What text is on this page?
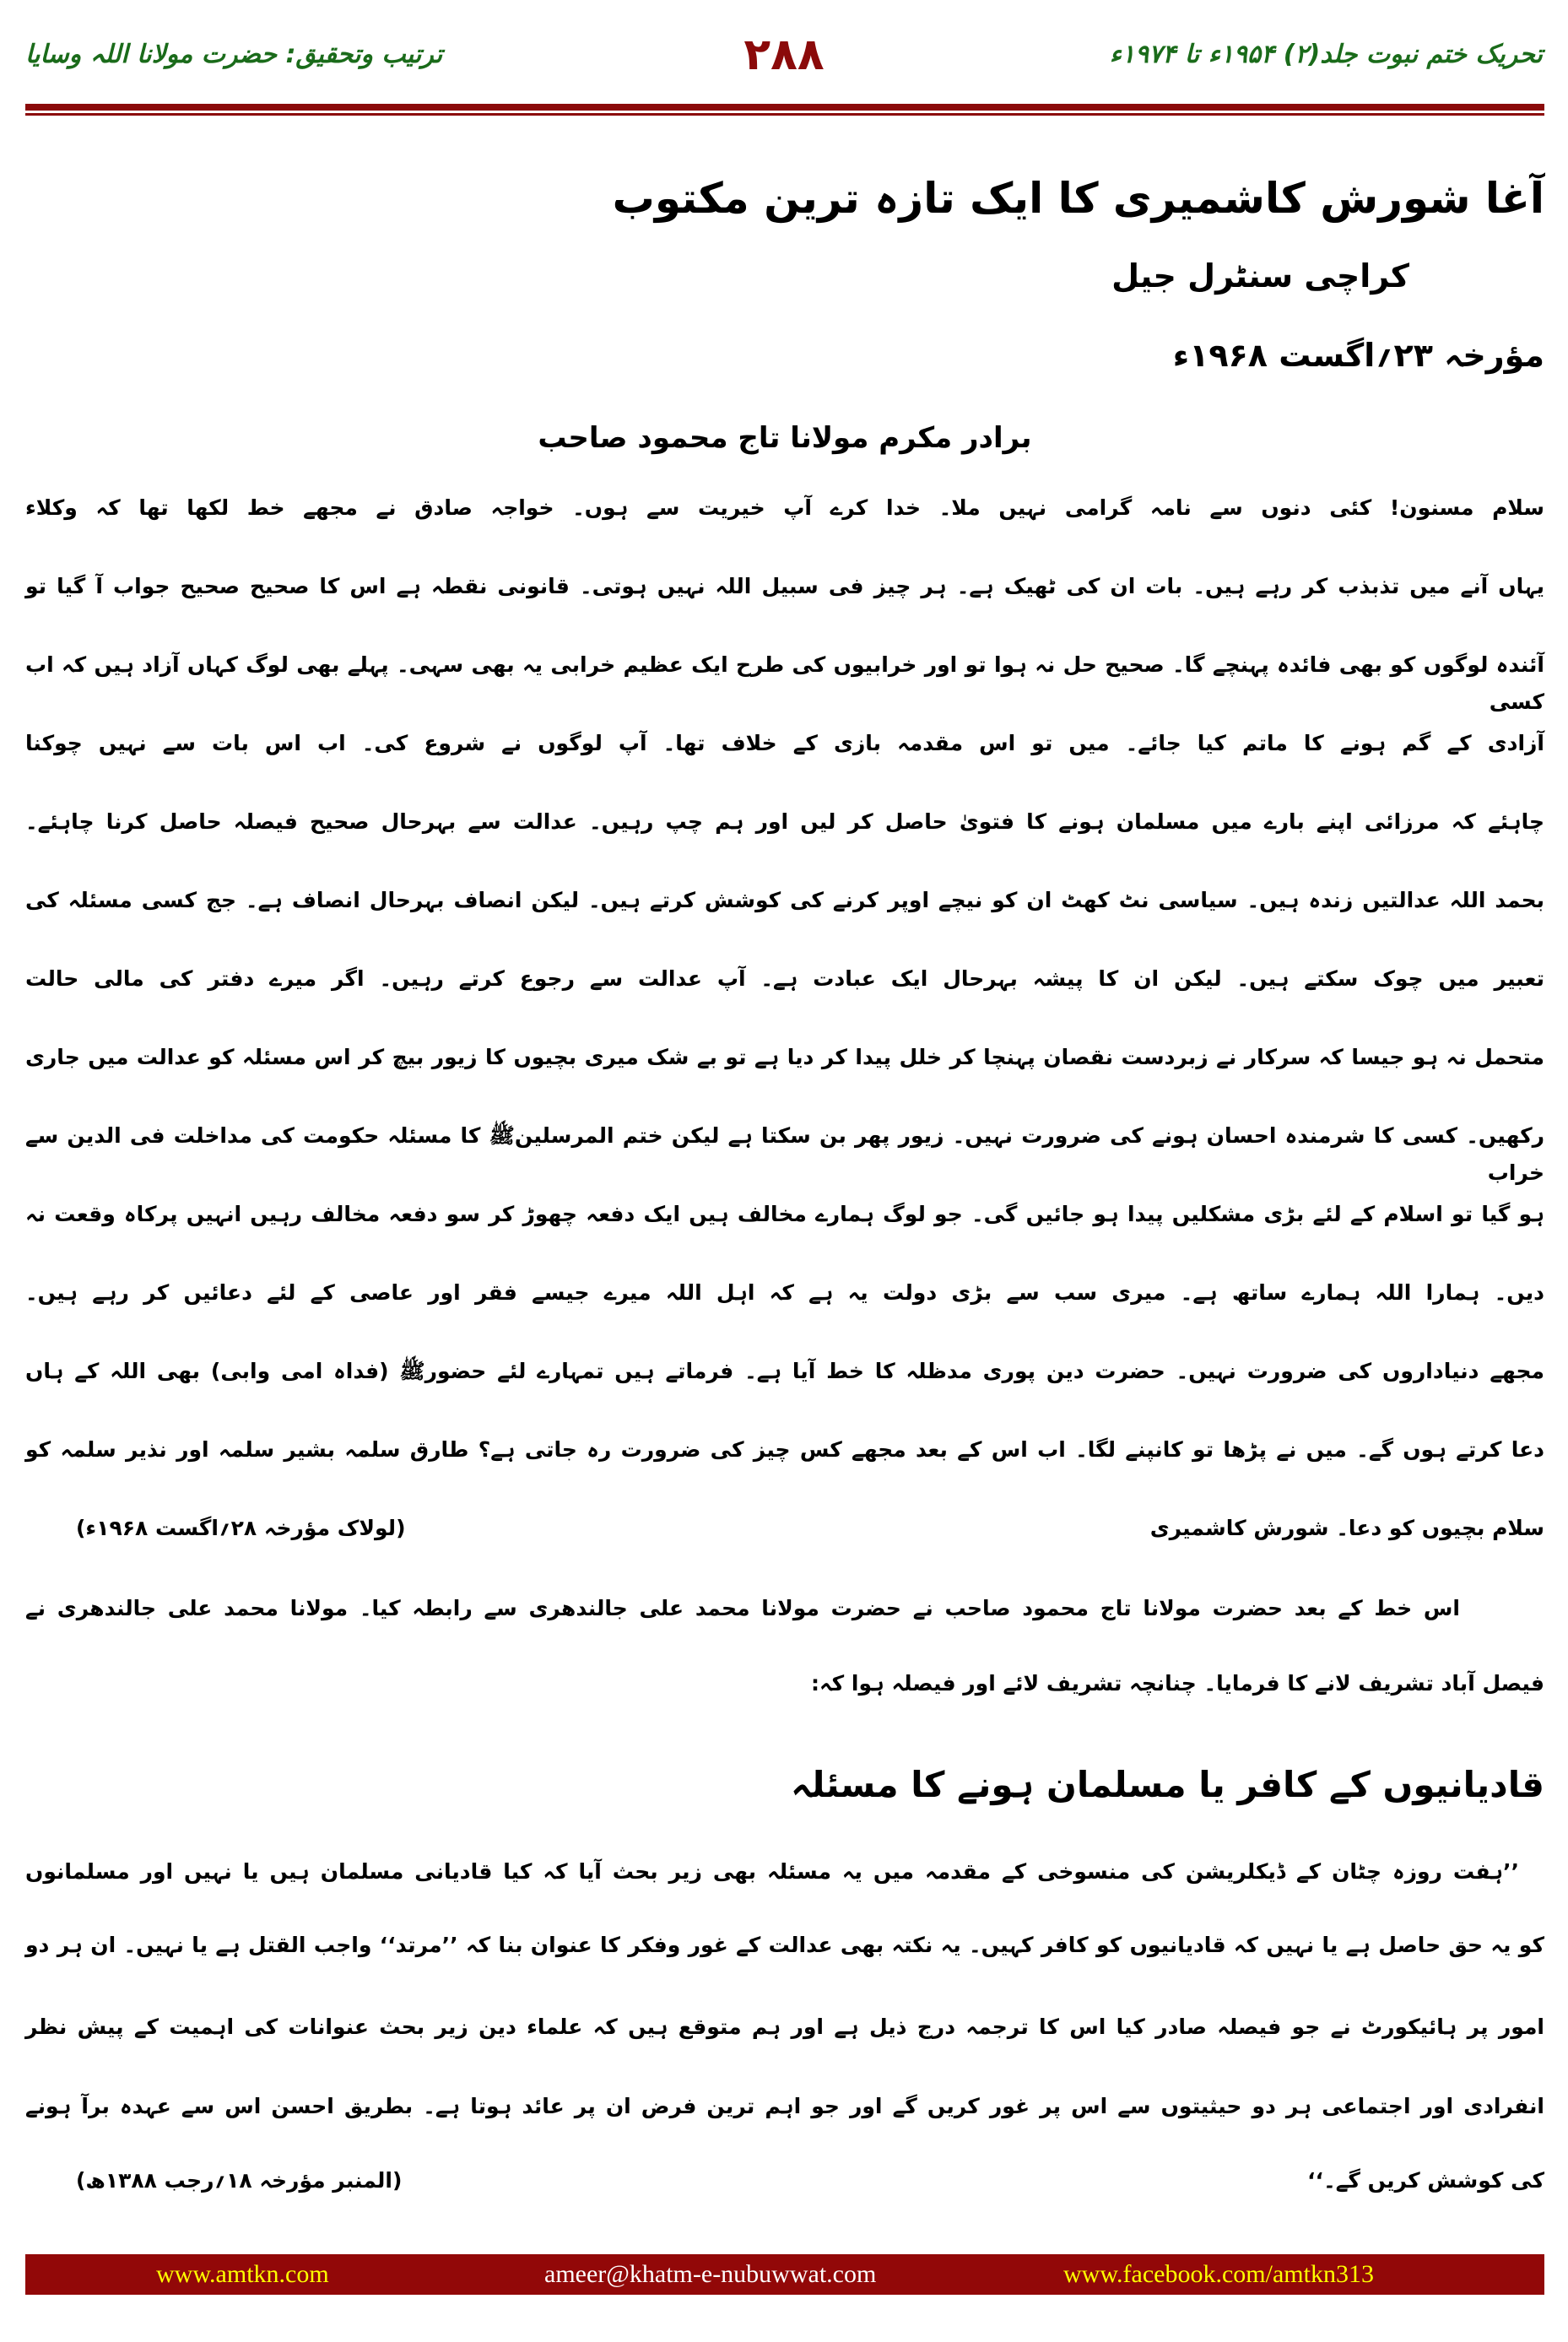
تحریک ختم نبوت جلد(۲) ۱۹۵۴ء تا ۱۹۷۴ء
۲۸۸
ترتیب وتحقیق: حضرت مولانا اللہ وسایا
آغا شورش کاشمیری کا ایک تازہ ترین مکتوب
کراچی سنٹرل جیل
مؤرخہ ۲۳؍اگست ۱۹۶۸ء
برادر مکرم مولانا تاج محمود صاحب
سلام مسنون! کئی دنوں سے نامہ گرامی نہیں ملا۔ خدا کرے آپ خیریت سے ہوں۔ خواجہ صادق نے مجھے خط لکھا تھا کہ وکلاء
یہاں آنے میں تذبذب کر رہے ہیں۔ بات ان کی ٹھیک ہے۔ ہر چیز فی سبیل اللہ نہیں ہوتی۔ قانونی نقطہ ہے اس کا صحیح صحیح جواب آ گیا تو
آئندہ لوگوں کو بھی فائدہ پہنچے گا۔ صحیح حل نہ ہوا تو اور خرابیوں کی طرح ایک عظیم خرابی یہ بھی سہی۔ پہلے بھی لوگ کہاں آزاد ہیں کہ اب کسی
آزادی کے گم ہونے کا ماتم کیا جائے۔ میں تو اس مقدمہ بازی کے خلاف تھا۔ آپ لوگوں نے شروع کی۔ اب اس بات سے نہیں چوکنا
چاہئے کہ مرزائی اپنے بارے میں مسلمان ہونے کا فتویٰ حاصل کر لیں اور ہم چپ رہیں۔ عدالت سے بہرحال صحیح فیصلہ حاصل کرنا چاہئے۔
بحمد اللہ عدالتیں زندہ ہیں۔ سیاسی نٹ کھٹ ان کو نیچے اوپر کرنے کی کوشش کرتے ہیں۔ لیکن انصاف بہرحال انصاف ہے۔ جج کسی مسئلہ کی
تعبیر میں چوک سکتے ہیں۔ لیکن ان کا پیشہ بہرحال ایک عبادت ہے۔ آپ عدالت سے رجوع کرتے رہیں۔ اگر میرے دفتر کی مالی حالت
متحمل نہ ہو جیسا کہ سرکار نے زبردست نقصان پہنچا کر خلل پیدا کر دیا ہے تو بے شک میری بچیوں کا زیور بیچ کر اس مسئلہ کو عدالت میں جاری
رکھیں۔ کسی کا شرمندہ احسان ہونے کی ضرورت نہیں۔ زیور پھر بن سکتا ہے لیکن ختم المرسلینﷺ کا مسئلہ حکومت کی مداخلت فی الدین سے خراب
ہو گیا تو اسلام کے لئے بڑی مشکلیں پیدا ہو جائیں گی۔ جو لوگ ہمارے مخالف ہیں ایک دفعہ چھوڑ کر سو دفعہ مخالف رہیں انہیں پرکاہ وقعت نہ
دیں۔ ہمارا اللہ ہمارے ساتھ ہے۔ میری سب سے بڑی دولت یہ ہے کہ اہل اللہ میرے جیسے فقر اور عاصی کے لئے دعائیں کر رہے ہیں۔
مجھے دنیاداروں کی ضرورت نہیں۔ حضرت دین پوری مدظلہ کا خط آیا ہے۔ فرماتے ہیں تمہارے لئے حضورﷺ (فداہ امی وابی) بھی اللہ کے ہاں
دعا کرتے ہوں گے۔ میں نے پڑھا تو کانپنے لگا۔ اب اس کے بعد مجھے کس چیز کی ضرورت رہ جاتی ہے؟ طارق سلمہ بشیر سلمہ اور نذیر سلمہ کو
سلام بچیوں کو دعا۔ شورش کاشمیری
(لولاک مؤرخہ ۲۸؍اگست ۱۹۶۸ء)
اس خط کے بعد حضرت مولانا تاج محمود صاحب نے حضرت مولانا محمد علی جالندھری سے رابطہ کیا۔ مولانا محمد علی جالندھری نے
فیصل آباد تشریف لانے کا فرمایا۔ چنانچہ تشریف لائے اور فیصلہ ہوا کہ:
قادیانیوں کے کافر یا مسلمان ہونے کا مسئلہ
’’ہفت روزہ چٹان کے ڈیکلریشن کی منسوخی کے مقدمہ میں یہ مسئلہ بھی زیر بحث آیا کہ کیا قادیانی مسلمان ہیں یا نہیں اور مسلمانوں
کو یہ حق حاصل ہے یا نہیں کہ قادیانیوں کو کافر کہیں۔ یہ نکتہ بھی عدالت کے غور وفکر کا عنوان بنا کہ ’’مرتد‘‘ واجب القتل ہے یا نہیں۔ ان ہر دو
امور پر ہائیکورٹ نے جو فیصلہ صادر کیا اس کا ترجمہ درج ذیل ہے اور ہم متوقع ہیں کہ علماء دین زیر بحث عنوانات کی اہمیت کے پیش نظر
انفرادی اور اجتماعی ہر دو حیثیتوں سے اس پر غور کریں گے اور جو اہم ترین فرض ان پر عائد ہوتا ہے۔ بطریق احسن اس سے عہدہ برآ ہونے
کی کوشش کریں گے۔‘‘
(المنبر مؤرخہ ۱۸؍رجب ۱۳۸۸ھ)
www.amtkn.com	ameer@khatm-e-nubuwwat.com	www.facebook.com/amtkn313
